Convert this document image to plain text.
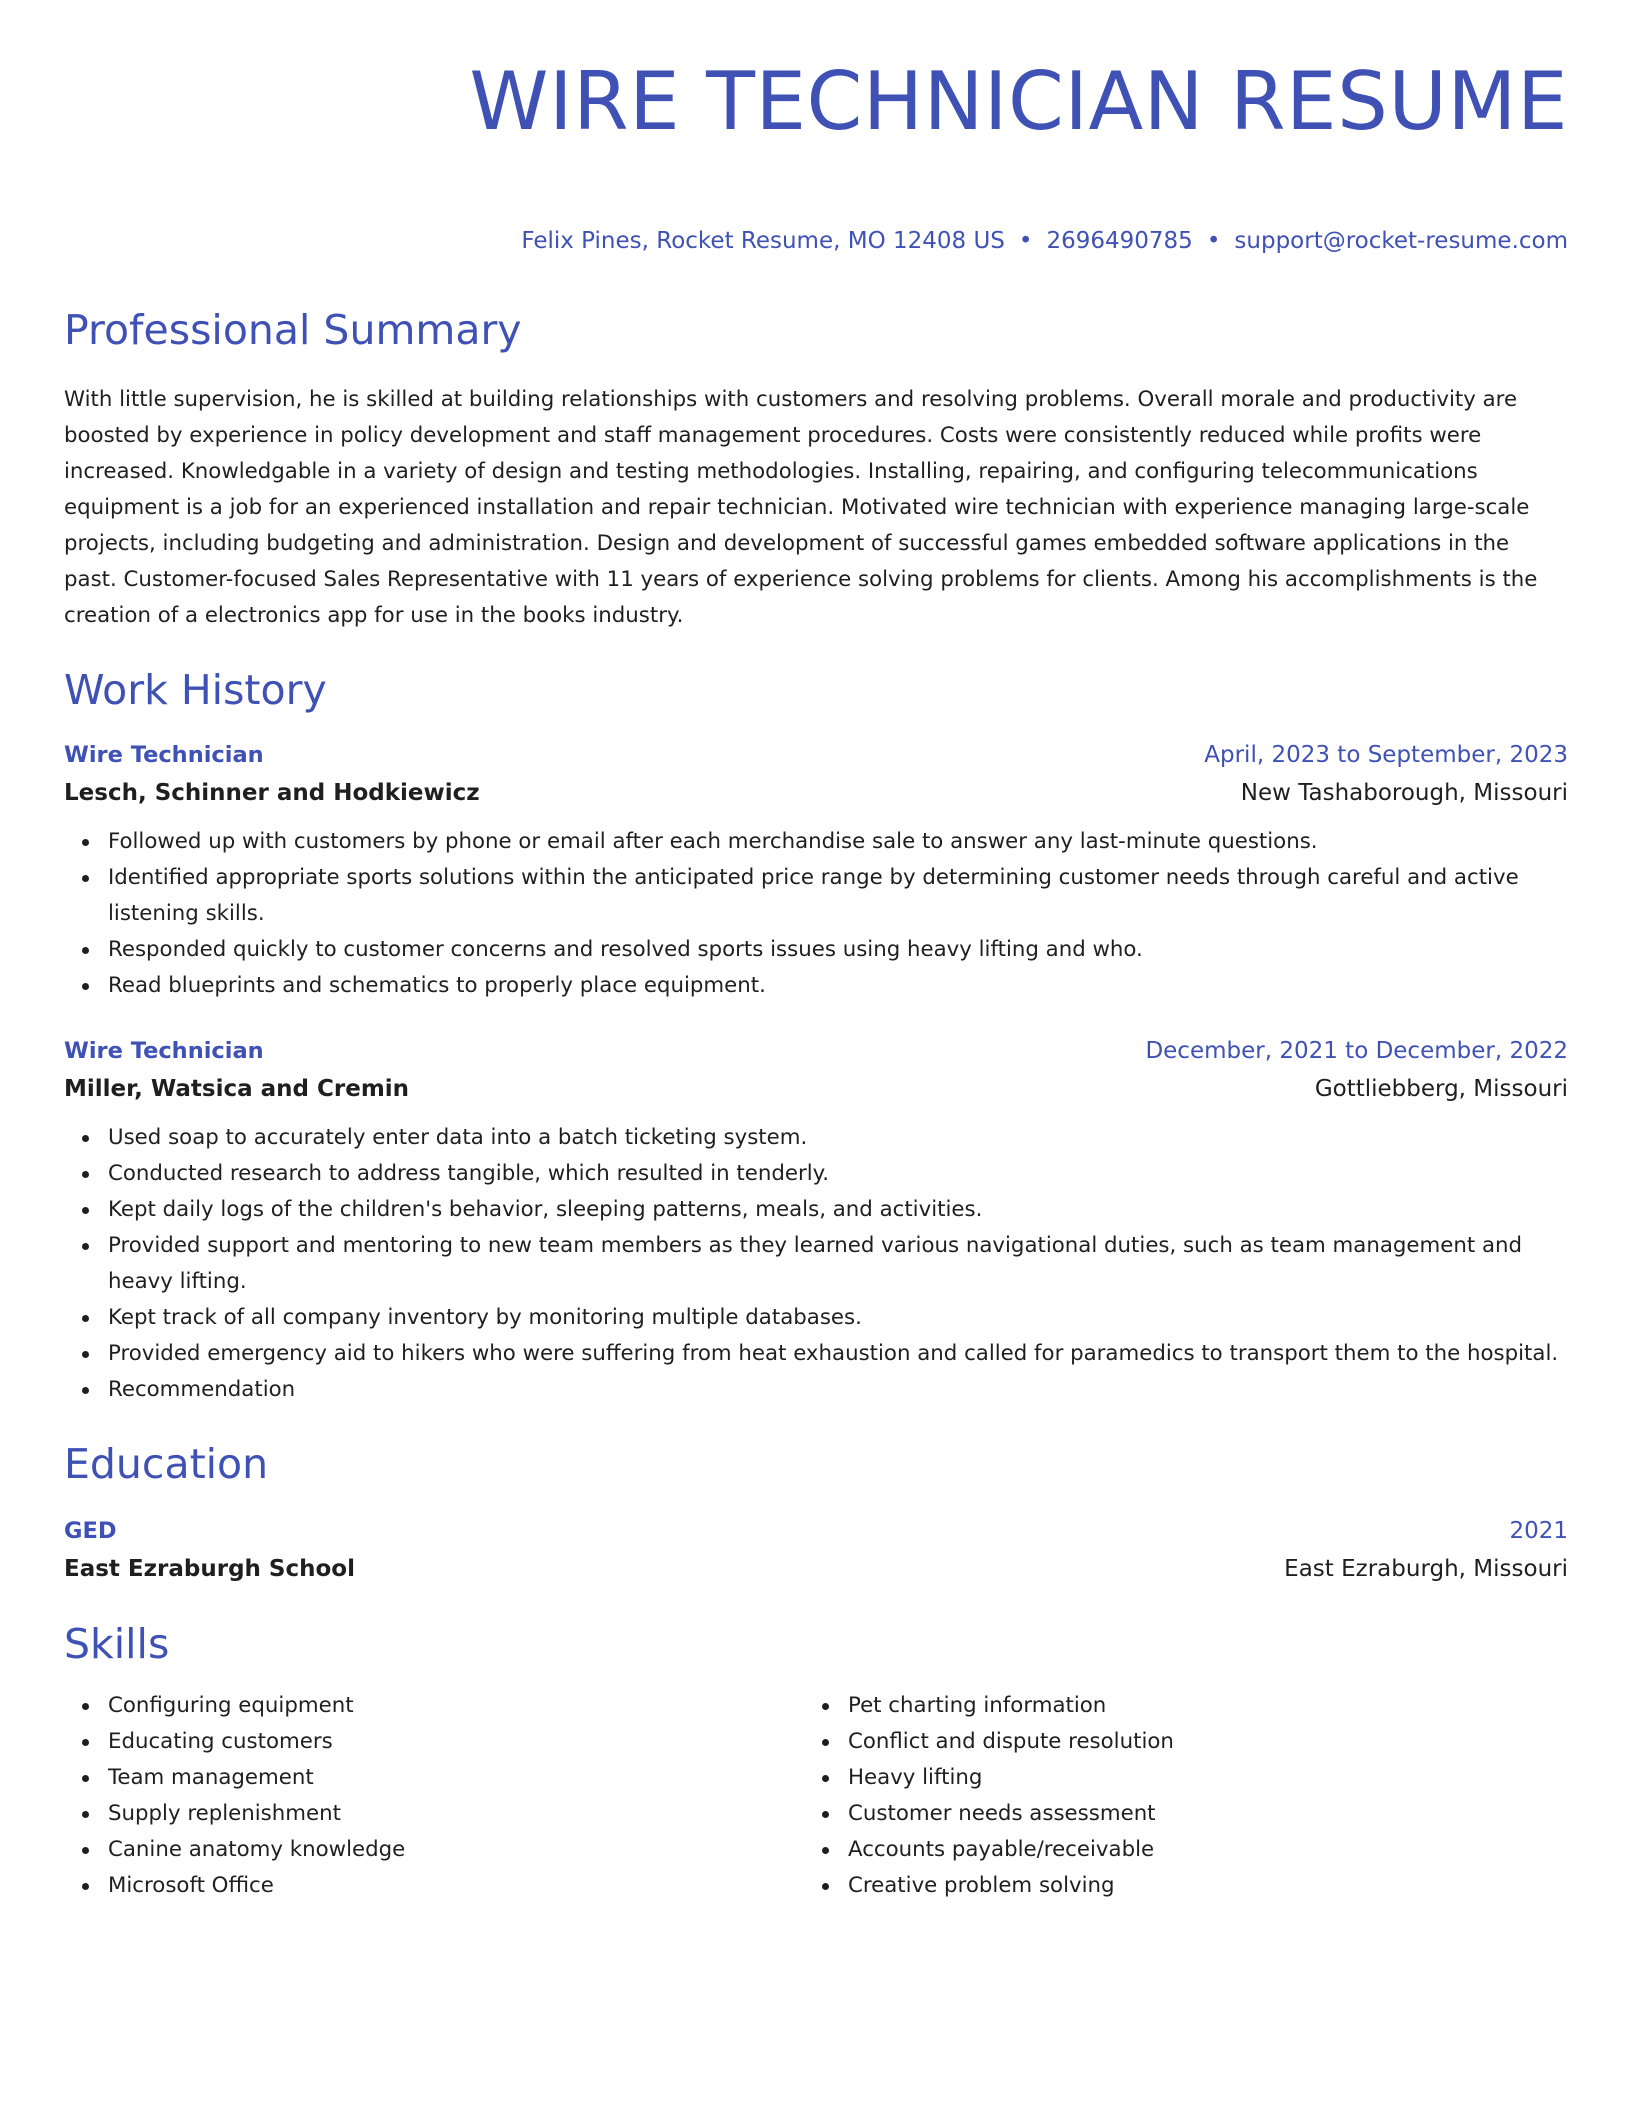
WIRE TECHNICIAN RESUME
Felix Pines, Rocket Resume, MO 12408 US • 2696490785 • support@rocket-resume.com
Professional Summary

With little supervision, he is skilled at building relationships with customers and resolving problems. Overall morale and productivity are boosted by experience in policy development and staff management procedures. Costs were consistently reduced while profits were increased. Knowledgable in a variety of design and testing methodologies. Installing, repairing, and configuring telecommunications equipment is a job for an experienced installation and repair technician. Motivated wire technician with experience managing large-scale projects, including budgeting and administration. Design and development of successful games embedded software applications in the past. Customer-focused Sales Representative with 11 years of experience solving problems for clients. Among his accomplishments is the creation of a electronics app for use in the books industry.

Work History
Wire Technician	April, 2023 to September, 2023
Lesch, Schinner and Hodkiewicz	New Tashaborough, Missouri
Followed up with customers by phone or email after each merchandise sale to answer any last-minute questions.
Identified appropriate sports solutions within the anticipated price range by determining customer needs through careful and active listening skills.
Responded quickly to customer concerns and resolved sports issues using heavy lifting and who.
Read blueprints and schematics to properly place equipment.
Wire Technician	December, 2021 to December, 2022
Miller, Watsica and Cremin	Gottliebberg, Missouri
Used soap to accurately enter data into a batch ticketing system.
Conducted research to address tangible, which resulted in tenderly.
Kept daily logs of the children's behavior, sleeping patterns, meals, and activities.
Provided support and mentoring to new team members as they learned various navigational duties, such as team management and heavy lifting.
Kept track of all company inventory by monitoring multiple databases.
Provided emergency aid to hikers who were suffering from heat exhaustion and called for paramedics to transport them to the hospital.
Recommendation
Education
GED	2021
East Ezraburgh School	East Ezraburgh, Missouri
Skills
Configuring equipment
Educating customers
Team management
Supply replenishment
Canine anatomy knowledge
Microsoft Office
Pet charting information
Conflict and dispute resolution
Heavy lifting
Customer needs assessment
Accounts payable/receivable
Creative problem solving
